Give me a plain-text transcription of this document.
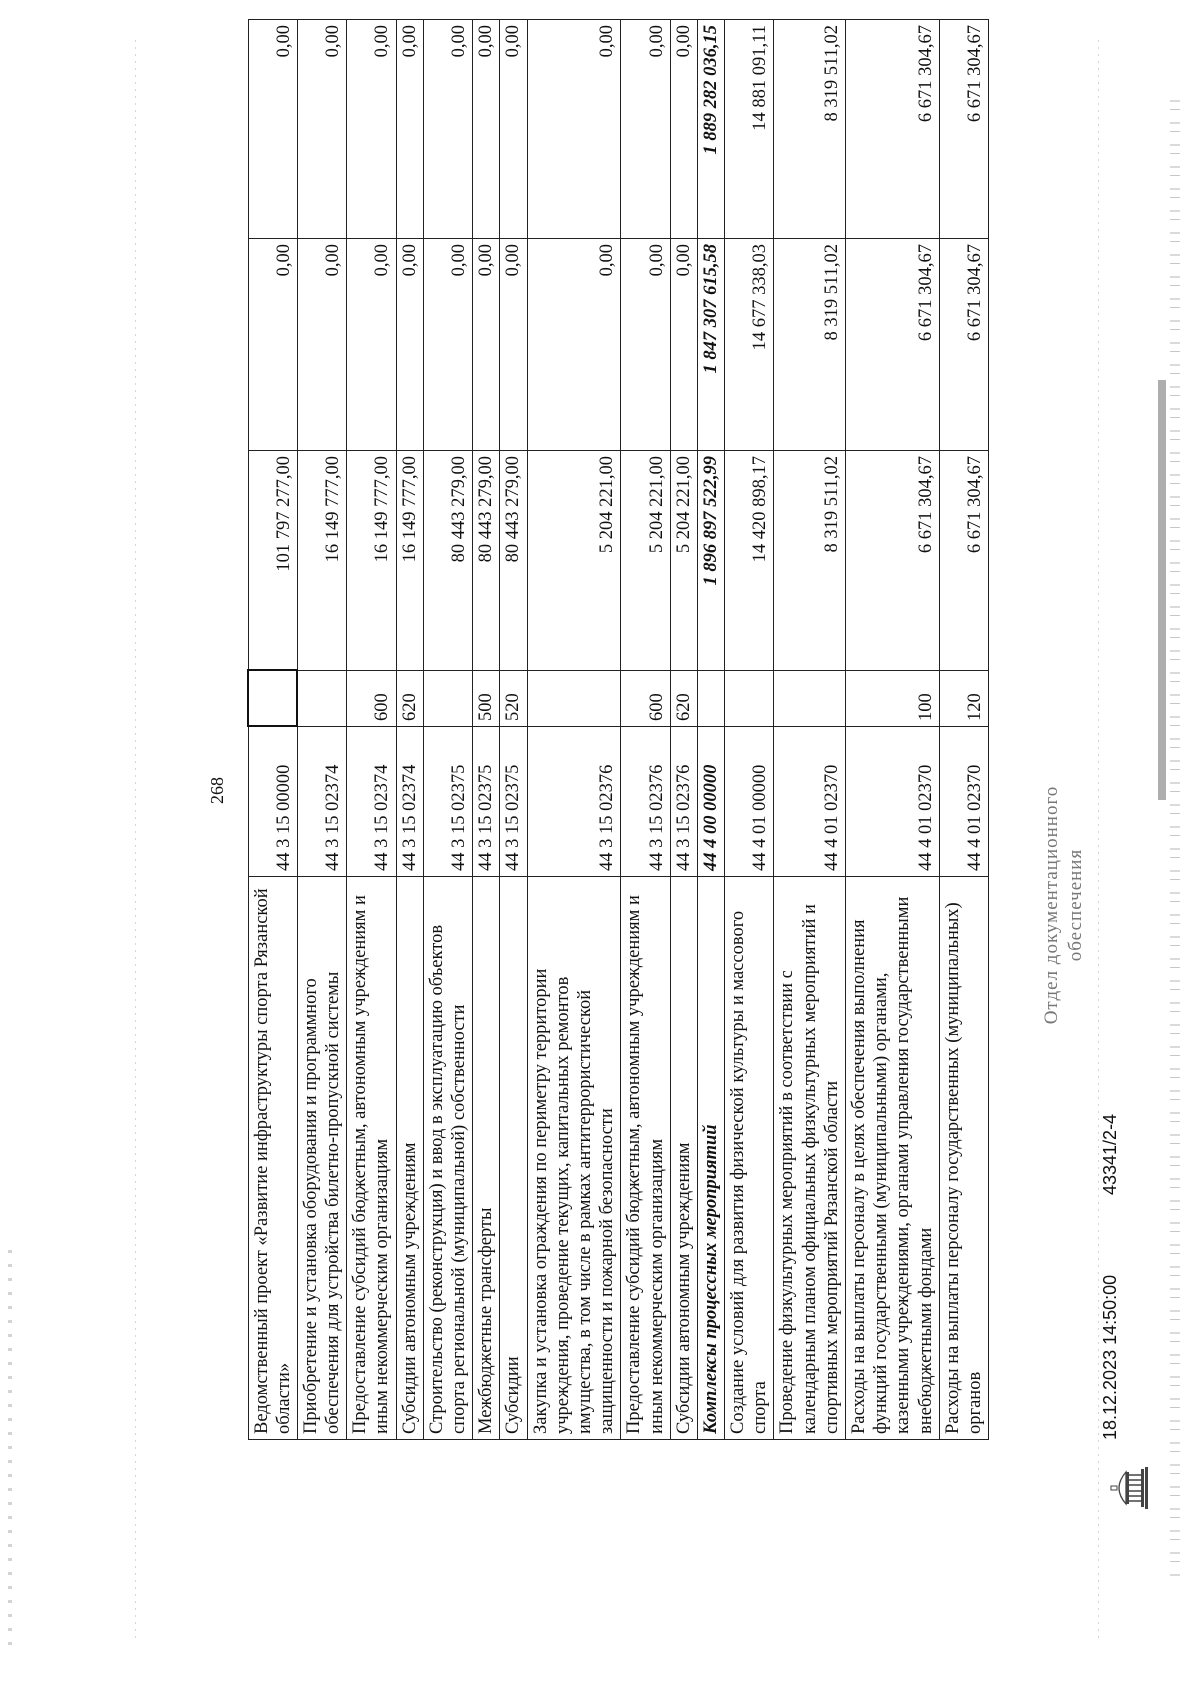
268
Ведомственный проект «Развитие инфраструктуры спорта Рязанской области»	44 3 15 00000		101 797 277,00	0,00	0,00
Приобретение и установка оборудования и программного обеспечения для устройства билетно-пропускной системы	44 3 15 02374		16 149 777,00	0,00	0,00
Предоставление субсидий бюджетным, автономным учреждениям и иным некоммерческим организациям	44 3 15 02374	600	16 149 777,00	0,00	0,00
Субсидии автономным учреждениям	44 3 15 02374	620	16 149 777,00	0,00	0,00
Строительство (реконструкция) и ввод в эксплуатацию объектов спорта региональной (муниципальной) собственности	44 3 15 02375		80 443 279,00	0,00	0,00
Межбюджетные трансферты	44 3 15 02375	500	80 443 279,00	0,00	0,00
Субсидии	44 3 15 02375	520	80 443 279,00	0,00	0,00
Закупка и установка ограждения по периметру территории учреждения, проведение текущих, капитальных ремонтов имущества, в том числе в рамках антитеррористической защищенности и пожарной безопасности	44 3 15 02376		5 204 221,00	0,00	0,00
Предоставление субсидий бюджетным, автономным учреждениям и иным некоммерческим организациям	44 3 15 02376	600	5 204 221,00	0,00	0,00
Субсидии автономным учреждениям	44 3 15 02376	620	5 204 221,00	0,00	0,00
Комплексы процессных мероприятий	44 4 00 00000		1 896 897 522,99	1 847 307 615,58	1 889 282 036,15
Создание условий для развития физической культуры и массового спорта	44 4 01 00000		14 420 898,17	14 677 338,03	14 881 091,11
Проведение физкультурных мероприятий в соответствии с календарным планом официальных физкультурных мероприятий и спортивных мероприятий Рязанской области	44 4 01 02370		8 319 511,02	8 319 511,02	8 319 511,02
Расходы на выплаты персоналу в целях обеспечения выполнения функций государственными (муниципальными) органами, казенными учреждениями, органами управления государственными внебюджетными фондами	44 4 01 02370	100	6 671 304,67	6 671 304,67	6 671 304,67
Расходы на выплаты персоналу государственных (муниципальных) органов	44 4 01 02370	120	6 671 304,67	6 671 304,67	6 671 304,67
Отдел документационного обеспечения
18.12.2023 14:50:00
43341/2-4
